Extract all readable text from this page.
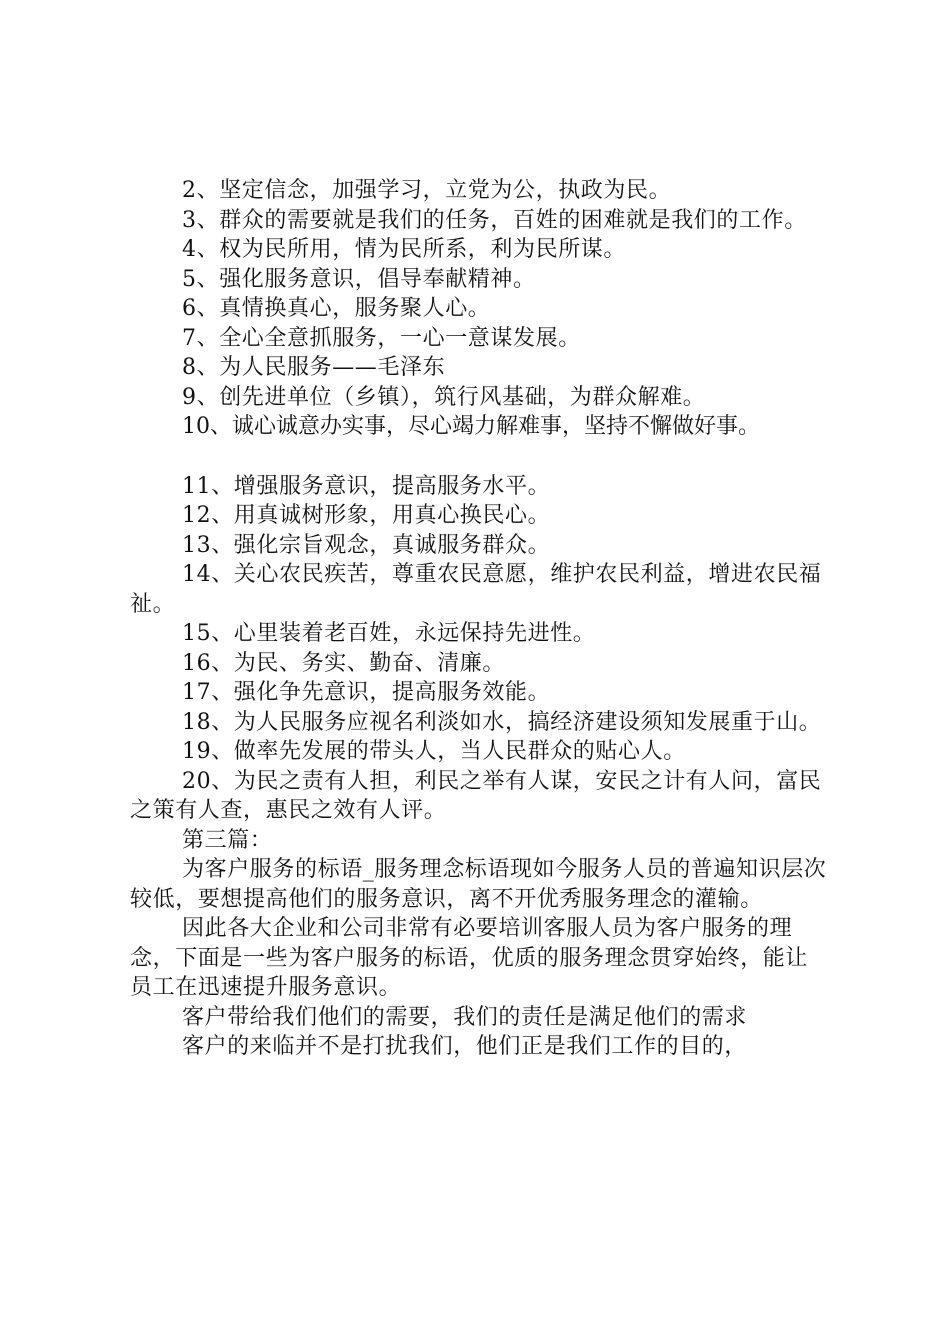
2、坚定信念，加强学习，立党为公，执政为民。

3、群众的需要就是我们的任务，百姓的困难就是我们的工作。

4、权为民所用，情为民所系，利为民所谋。

5、强化服务意识，倡导奉献精神。

6、真情换真心，服务聚人心。

7、全心全意抓服务，一心一意谋发展。

8、为人民服务——毛泽东

9、创先进单位（乡镇），筑行风基础，为群众解难。

10、诚心诚意办实事，尽心竭力解难事，坚持不懈做好事。

11、增强服务意识，提高服务水平。

12、用真诚树形象，用真心换民心。

13、强化宗旨观念，真诚服务群众。

14、关心农民疾苦，尊重农民意愿，维护农民利益，增进农民福祉。

15、心里装着老百姓，永远保持先进性。

16、为民、务实、勤奋、清廉。

17、强化争先意识，提高服务效能。

18、为人民服务应视名利淡如水，搞经济建设须知发展重于山。

19、做率先发展的带头人，当人民群众的贴心人。

20、为民之责有人担，利民之举有人谋，安民之计有人问，富民之策有人查，惠民之效有人评。

第三篇：

为客户服务的标语_服务理念标语现如今服务人员的普遍知识层次较低，要想提高他们的服务意识，离不开优秀服务理念的灌输。

因此各大企业和公司非常有必要培训客服人员为客户服务的理念，下面是一些为客户服务的标语，优质的服务理念贯穿始终，能让员工在迅速提升服务意识。

客户带给我们他们的需要，我们的责任是满足他们的需求

客户的来临并不是打扰我们，他们正是我们工作的目的，
